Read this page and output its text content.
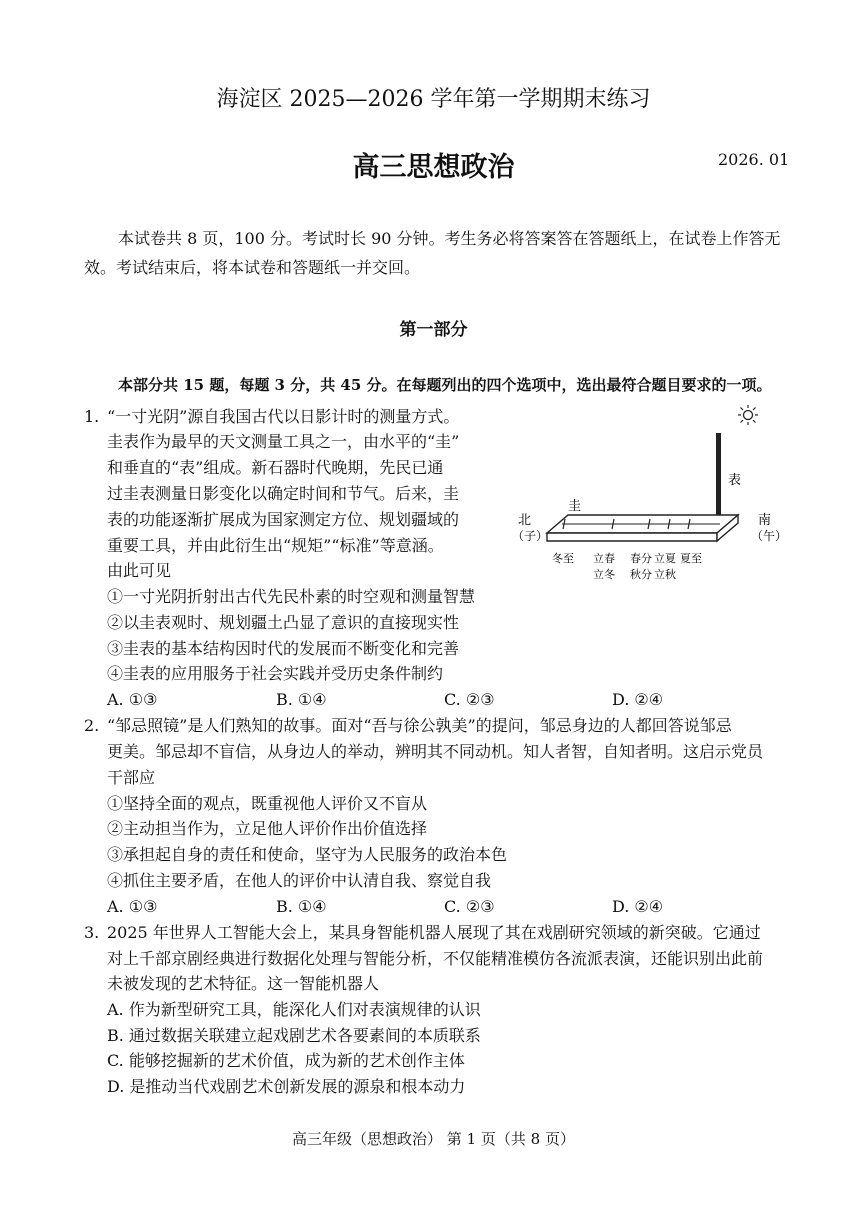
海淀区 2025—2026 学年第一学期期末练习
高三思想政治	2026. 01
本试卷共 8 页，100 分。考试时长 90 分钟。考生务必将答案答在答题纸上，在试卷上作答无
效。考试结束后，将本试卷和答题纸一并交回。
第一部分
本部分共 15 题，每题 3 分，共 45 分。在每题列出的四个选项中，选出最符合题目要求的一项。
1. “一寸光阴”源自我国古代以日影计时的测量方式。
圭表作为最早的天文测量工具之一，由水平的“圭”
和垂直的“表”组成。新石器时代晚期，先民已通
过圭表测量日影变化以确定时间和节气。后来，圭
表的功能逐渐扩展成为国家测定方位、规划疆域的
重要工具，并由此衍生出“规矩”“标准”等意涵。
由此可见
①一寸光阴折射出古代先民朴素的时空观和测量智慧
②以圭表观时、规划疆土凸显了意识的直接现实性
③圭表的基本结构因时代的发展而不断变化和完善
④圭表的应用服务于社会实践并受历史条件制约
A. ①③	B. ①④	C. ②③	D. ②④
圭
表
北
（子）
南
（午）
冬至 立春 春分 立夏 夏至
立冬 秋分 立秋
2. “邹忌照镜”是人们熟知的故事。面对“吾与徐公孰美”的提问，邹忌身边的人都回答说邹忌
更美。邹忌却不盲信，从身边人的举动，辨明其不同动机。知人者智，自知者明。这启示党员
干部应
①坚持全面的观点，既重视他人评价又不盲从
②主动担当作为，立足他人评价作出价值选择
③承担起自身的责任和使命，坚守为人民服务的政治本色
④抓住主要矛盾，在他人的评价中认清自我、察觉自我
A. ①③	B. ①④	C. ②③	D. ②④
3. 2025 年世界人工智能大会上，某具身智能机器人展现了其在戏剧研究领域的新突破。它通过
对上千部京剧经典进行数据化处理与智能分析，不仅能精准模仿各流派表演，还能识别出此前
未被发现的艺术特征。这一智能机器人
A. 作为新型研究工具，能深化人们对表演规律的认识
B. 通过数据关联建立起戏剧艺术各要素间的本质联系
C. 能够挖掘新的艺术价值，成为新的艺术创作主体
D. 是推动当代戏剧艺术创新发展的源泉和根本动力
高三年级（思想政治） 第 1 页（共 8 页）
